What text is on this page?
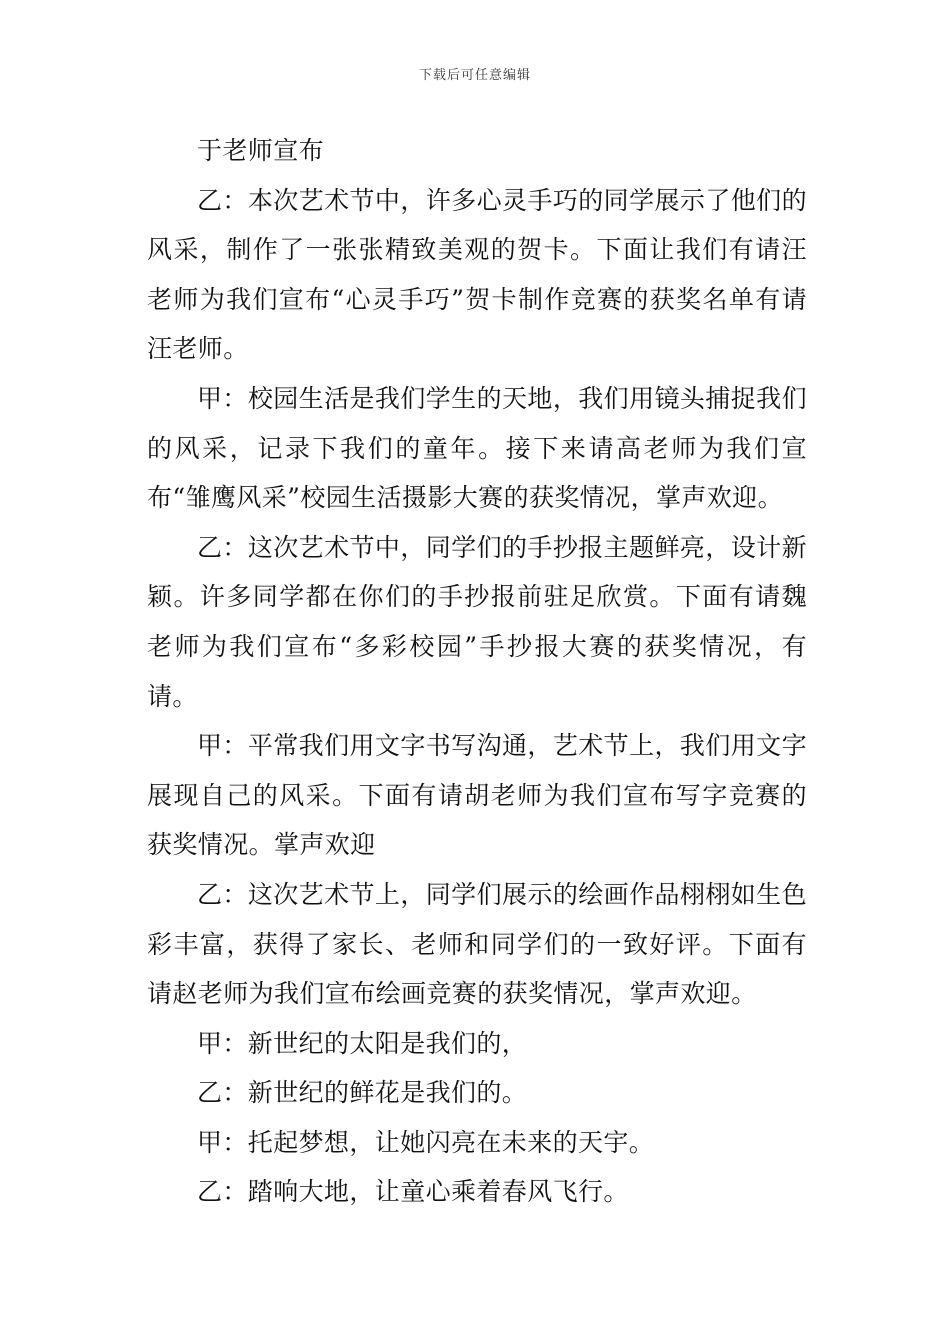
下载后可任意编辑

于老师宣布

乙：本次艺术节中，许多心灵手巧的同学展示了他们的风采，制作了一张张精致美观的贺卡。下面让我们有请汪老师为我们宣布“心灵手巧”贺卡制作竞赛的获奖名单有请汪老师。

甲：校园生活是我们学生的天地，我们用镜头捕捉我们的风采，记录下我们的童年。接下来请高老师为我们宣布“雏鹰风采”校园生活摄影大赛的获奖情况，掌声欢迎。

乙：这次艺术节中，同学们的手抄报主题鲜亮，设计新颖。许多同学都在你们的手抄报前驻足欣赏。下面有请魏老师为我们宣布“多彩校园”手抄报大赛的获奖情况，有请。

甲：平常我们用文字书写沟通，艺术节上，我们用文字展现自己的风采。下面有请胡老师为我们宣布写字竞赛的获奖情况。掌声欢迎

乙：这次艺术节上，同学们展示的绘画作品栩栩如生色彩丰富，获得了家长、老师和同学们的一致好评。下面有请赵老师为我们宣布绘画竞赛的获奖情况，掌声欢迎。

甲：新世纪的太阳是我们的，

乙：新世纪的鲜花是我们的。

甲：托起梦想，让她闪亮在未来的天宇。

乙：踏响大地，让童心乘着春风飞行。
